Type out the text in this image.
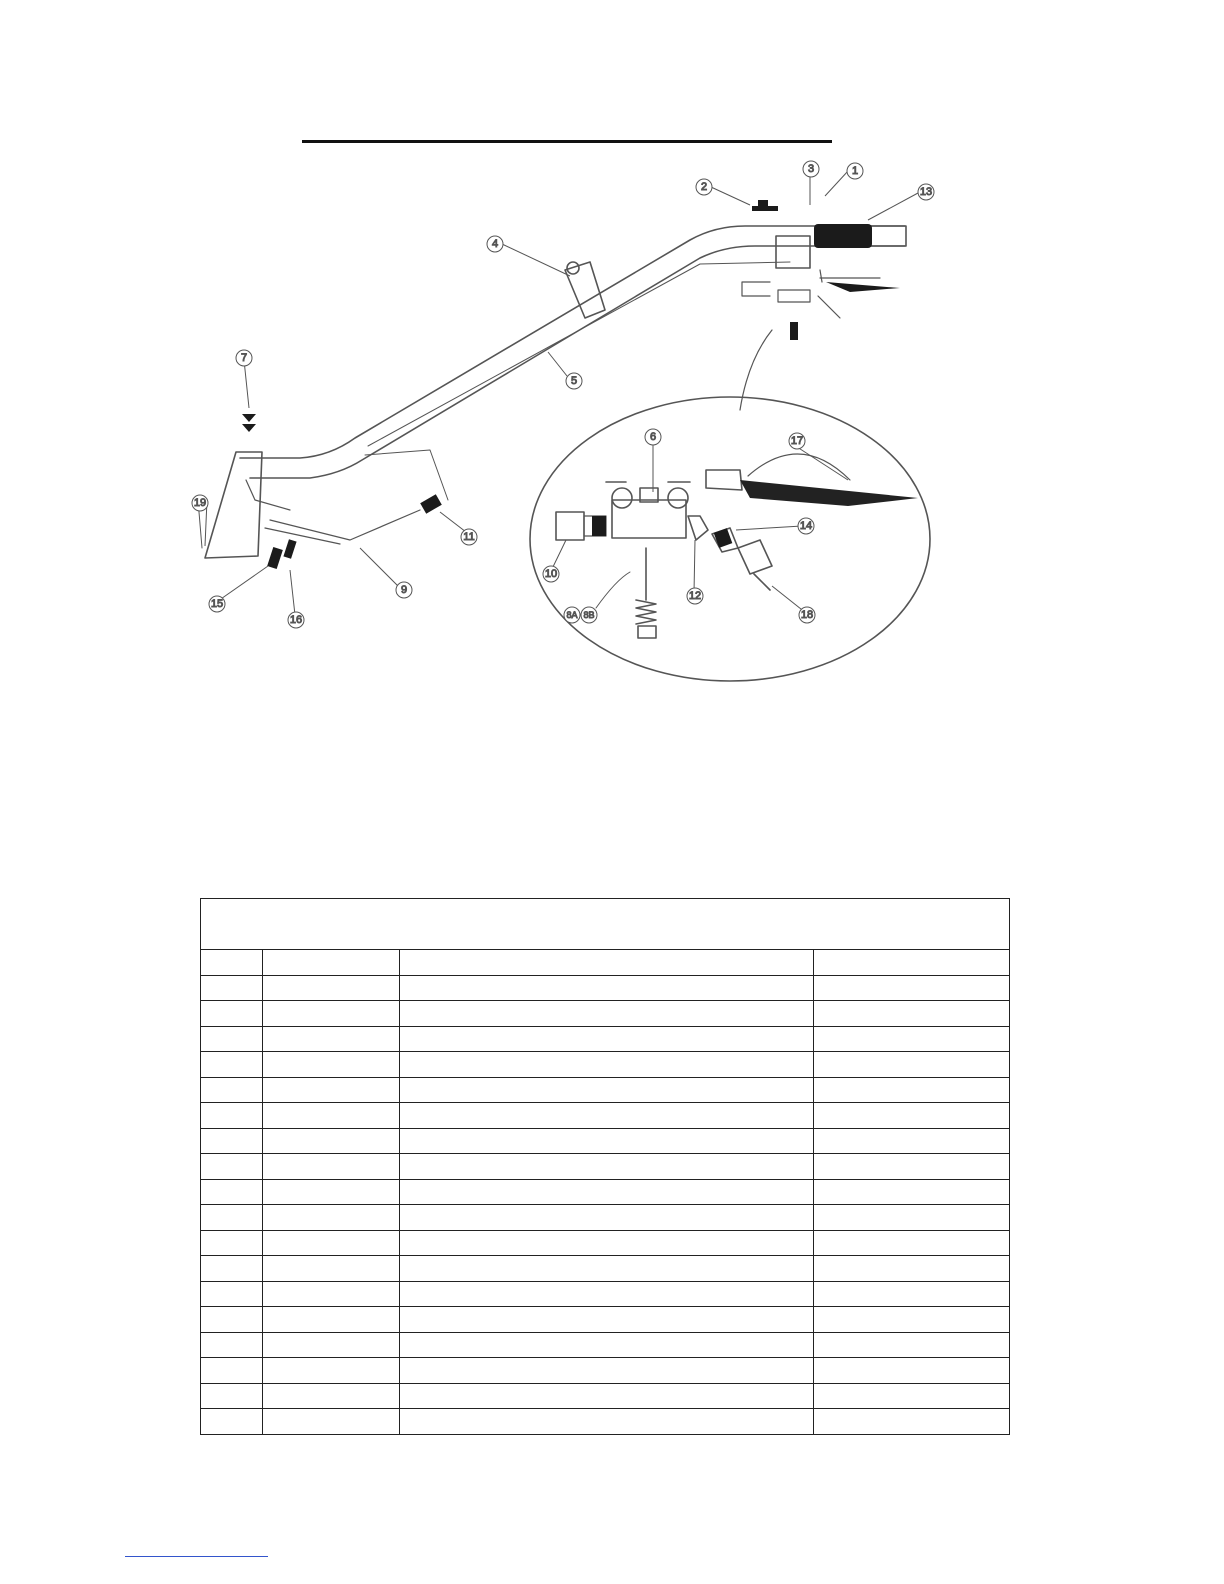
1
2
3
4
5
6
7
8A 8B
9
10
11
12
13
14
15
16
17
18
19
